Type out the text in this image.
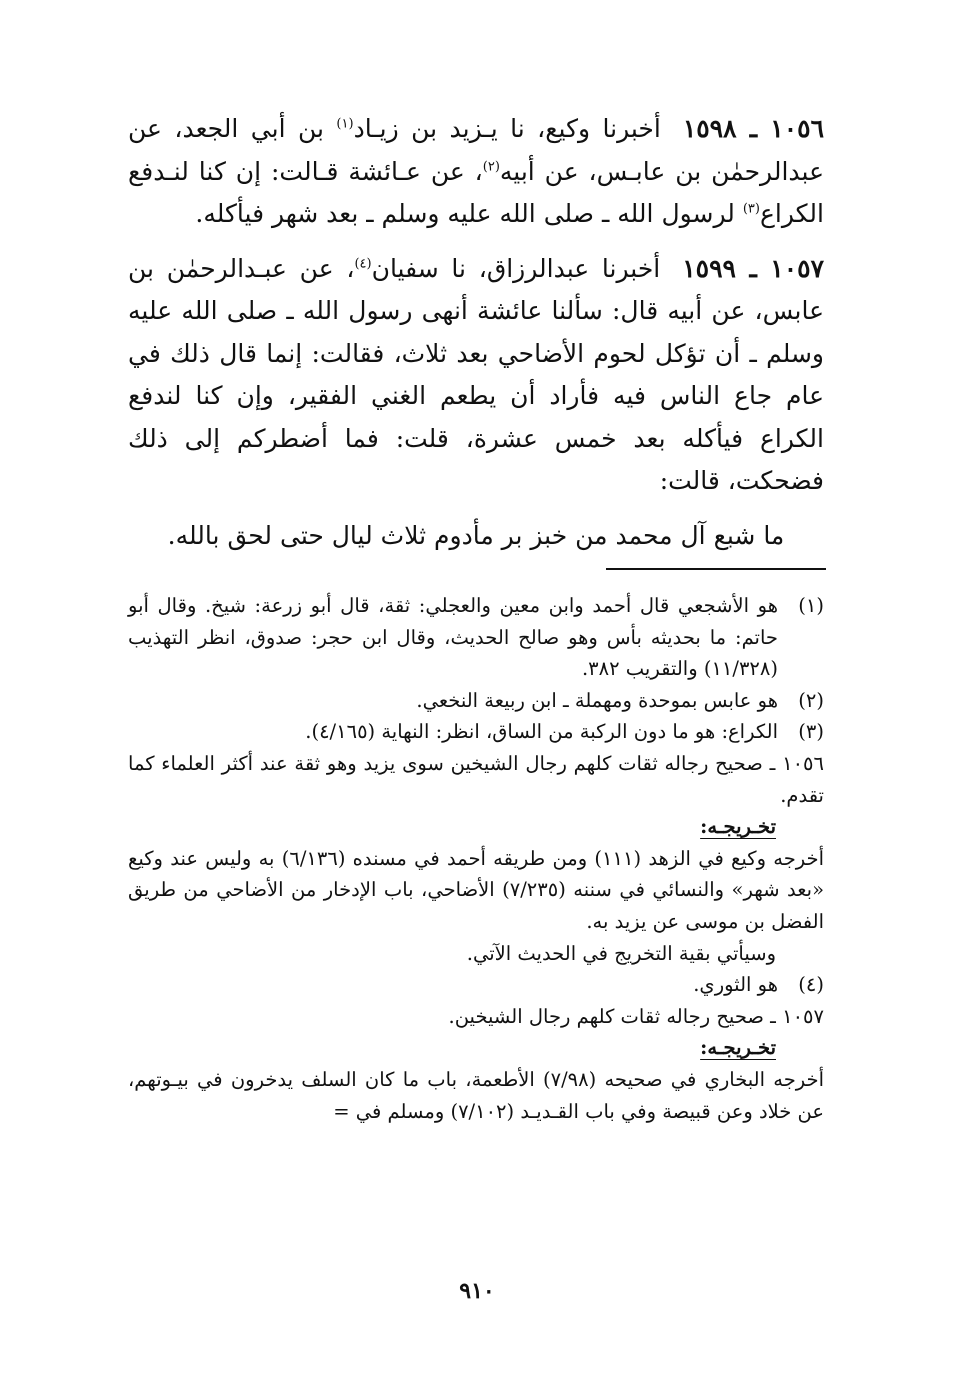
١٠٥٦ ـ ١٥٩٨أخبرنا وكيع، نا يـزيد بن زيـاد$^{(١)}$ بن أبي الجعد، عن عبدالرحمٰن بن عابـس، عن أبيه$^{(٢)}$، عن عـائشة قـالت: إن كنا لنـدفع الكراع$^{(٣)}$ لرسول الله ـ صلى الله عليه وسلم ـ بعد شهر فيأكله.

١٠٥٧ ـ ١٥٩٩أخبرنا عبدالرزاق، نا سفيان$^{(٤)}$، عن عبـدالرحمٰن بن عابس، عن أبيه قال: سألنا عائشة أنهى رسول الله ـ صلى الله عليه وسلم ـ أن تؤكل لحوم الأضاحي بعد ثلاث، فقالت: إنما قال ذلك في عام جاع الناس فيه فأراد أن يطعم الغني الفقير، وإن كنا لندفع الكراع فيأكله بعد خمس عشرة، قلت: فما أضطركم إلى ذلك فضحكت، قالت:

ما شبع آل محمد من خبز بر مأدوم ثلاث ليال حتى لحق بالله.
(١)
هو الأشجعي قال أحمد وابن معين والعجلي: ثقة، قال أبو زرعة: شيخ. وقال أبو حاتم: ما بحديثه بأس وهو صالح الحديث، وقال ابن حجر: صدوق، انظر التهذيب (١١/٣٢٨) والتقريب ٣٨٢.
(٢)
هو عابس بموحدة ومهملة ـ ابن ربيعة النخعي.
(٣)
الكراع: هو ما دون الركبة من الساق، انظر: النهاية (٤/١٦٥).
١٠٥٦ ـ صحيح رجاله ثقات كلهم رجال الشيخين سوى يزيد وهو ثقة عند أكثر العلماء كما تقدم.
تخـريجـه:
أخرجه وكيع في الزهد (١١١) ومن طريقه أحمد في مسنده (٦/١٣٦) به وليس عند وكيع «بعد شهر» والنسائي في سننه (٧/٢٣٥) الأضاحي، باب الإدخار من الأضاحي من طريق الفضل بن موسى عن يزيد به.
وسيأتي بقية التخريج في الحديث الآتي.
(٤)
هو الثوري.
١٠٥٧ ـ صحيح رجاله ثقات كلهم رجال الشيخين.
تخـريجـه:
أخرجه البخاري في صحيحه (٧/٩٨) الأطعمة، باب ما كان السلف يدخرون في بيـوتهم، عن خلاد وعن قبيصة وفي باب القـديـد (٧/١٠٢) ومسلم في =
٩١٠
